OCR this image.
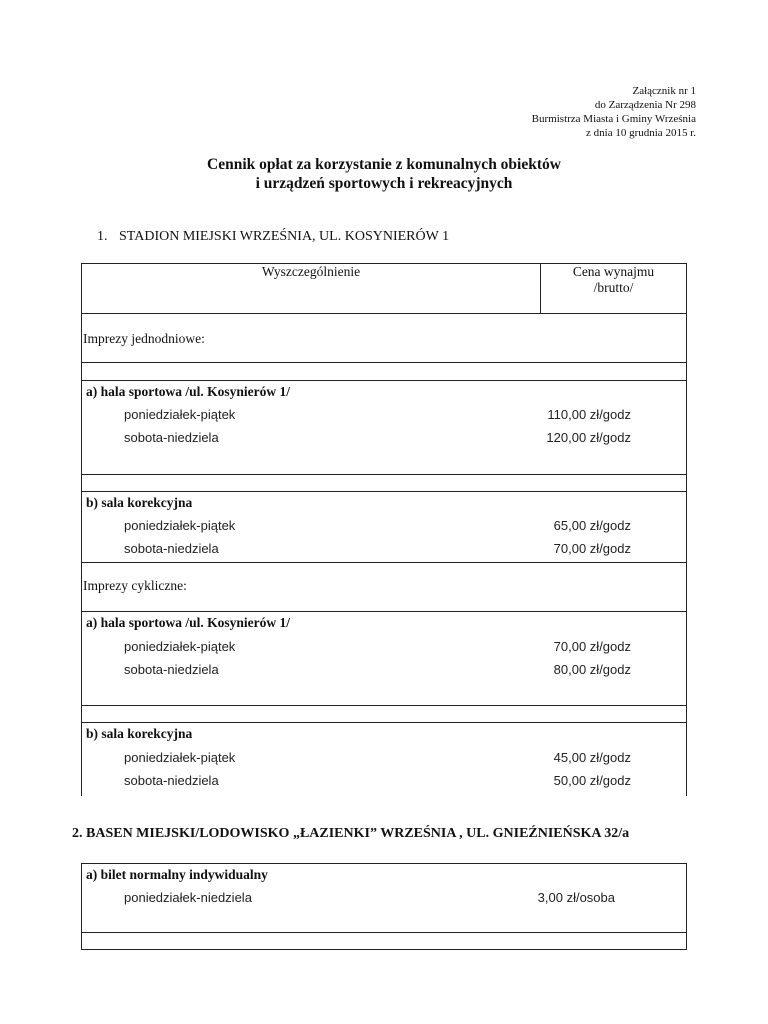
Załącznik nr 1
do Zarządzenia Nr 298
Burmistrza Miasta i Gminy Września
z dnia 10 grudnia 2015 r.
Cennik opłat za korzystanie z komunalnych obiektów
i urządzeń sportowych i rekreacyjnych
1. STADION MIEJSKI WRZEŚNIA, UL. KOSYNIERÓW 1
Wyszczególnienie	Cena wynajmu
/brutto/
Imprezy jednodniowe:
a) hala sportowa /ul. Kosynierów 1/
poniedziałek-piątek	110,00 zł/godz
sobota-niedziela	120,00 zł/godz
b) sala korekcyjna
poniedziałek-piątek	65,00 zł/godz
sobota-niedziela	70,00 zł/godz
Imprezy cykliczne:
a) hala sportowa /ul. Kosynierów 1/
poniedziałek-piątek	70,00 zł/godz
sobota-niedziela	80,00 zł/godz
b) sala korekcyjna
poniedziałek-piątek	45,00 zł/godz
sobota-niedziela	50,00 zł/godz
2. BASEN MIEJSKI/LODOWISKO „ŁAZIENKI” WRZEŚNIA , UL. GNIEŹNIEŃSKA 32/a
a) bilet normalny indywidualny
poniedziałek-niedziela	3,00 zł/osoba
